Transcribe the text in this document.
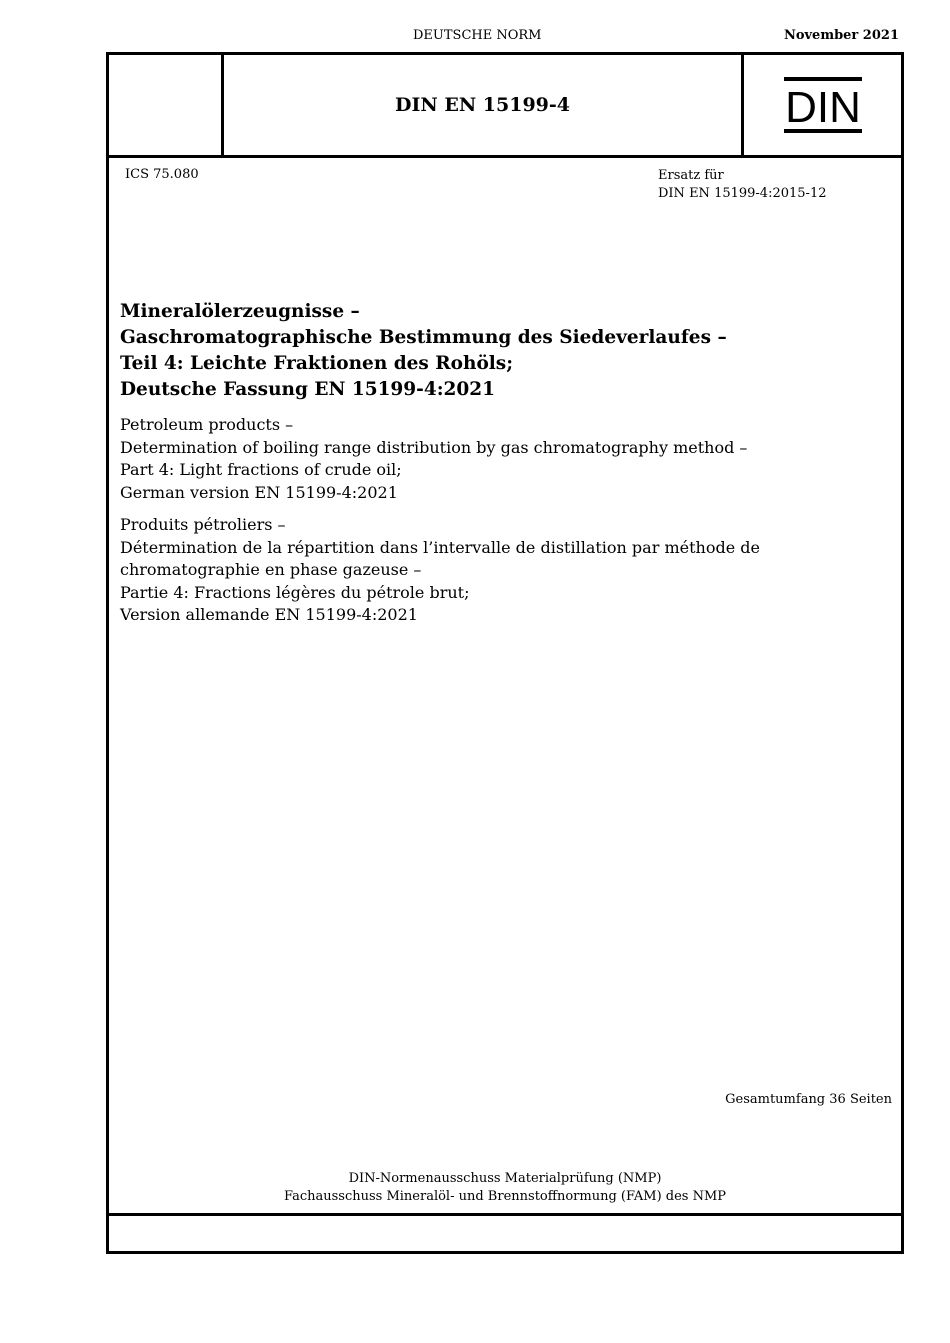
DEUTSCHE NORM	November 2021
DIN EN 15199-4	DIN
ICS 75.080	Ersatz für
DIN EN 15199-4:2015-12
Mineralölerzeugnisse –
Gaschromatographische Bestimmung des Siedeverlaufes –
Teil 4: Leichte Fraktionen des Rohöls;
Deutsche Fassung EN 15199-4:2021
Petroleum products –
Determination of boiling range distribution by gas chromatography method –
Part 4: Light fractions of crude oil;
German version EN 15199-4:2021
Produits pétroliers –
Détermination de la répartition dans l’intervalle de distillation par méthode de
chromatographie en phase gazeuse –
Partie 4: Fractions légères du pétrole brut;
Version allemande EN 15199-4:2021
Gesamtumfang 36 Seiten
DIN-Normenausschuss Materialprüfung (NMP)
Fachausschuss Mineralöl- und Brennstoffnormung (FAM) des NMP
